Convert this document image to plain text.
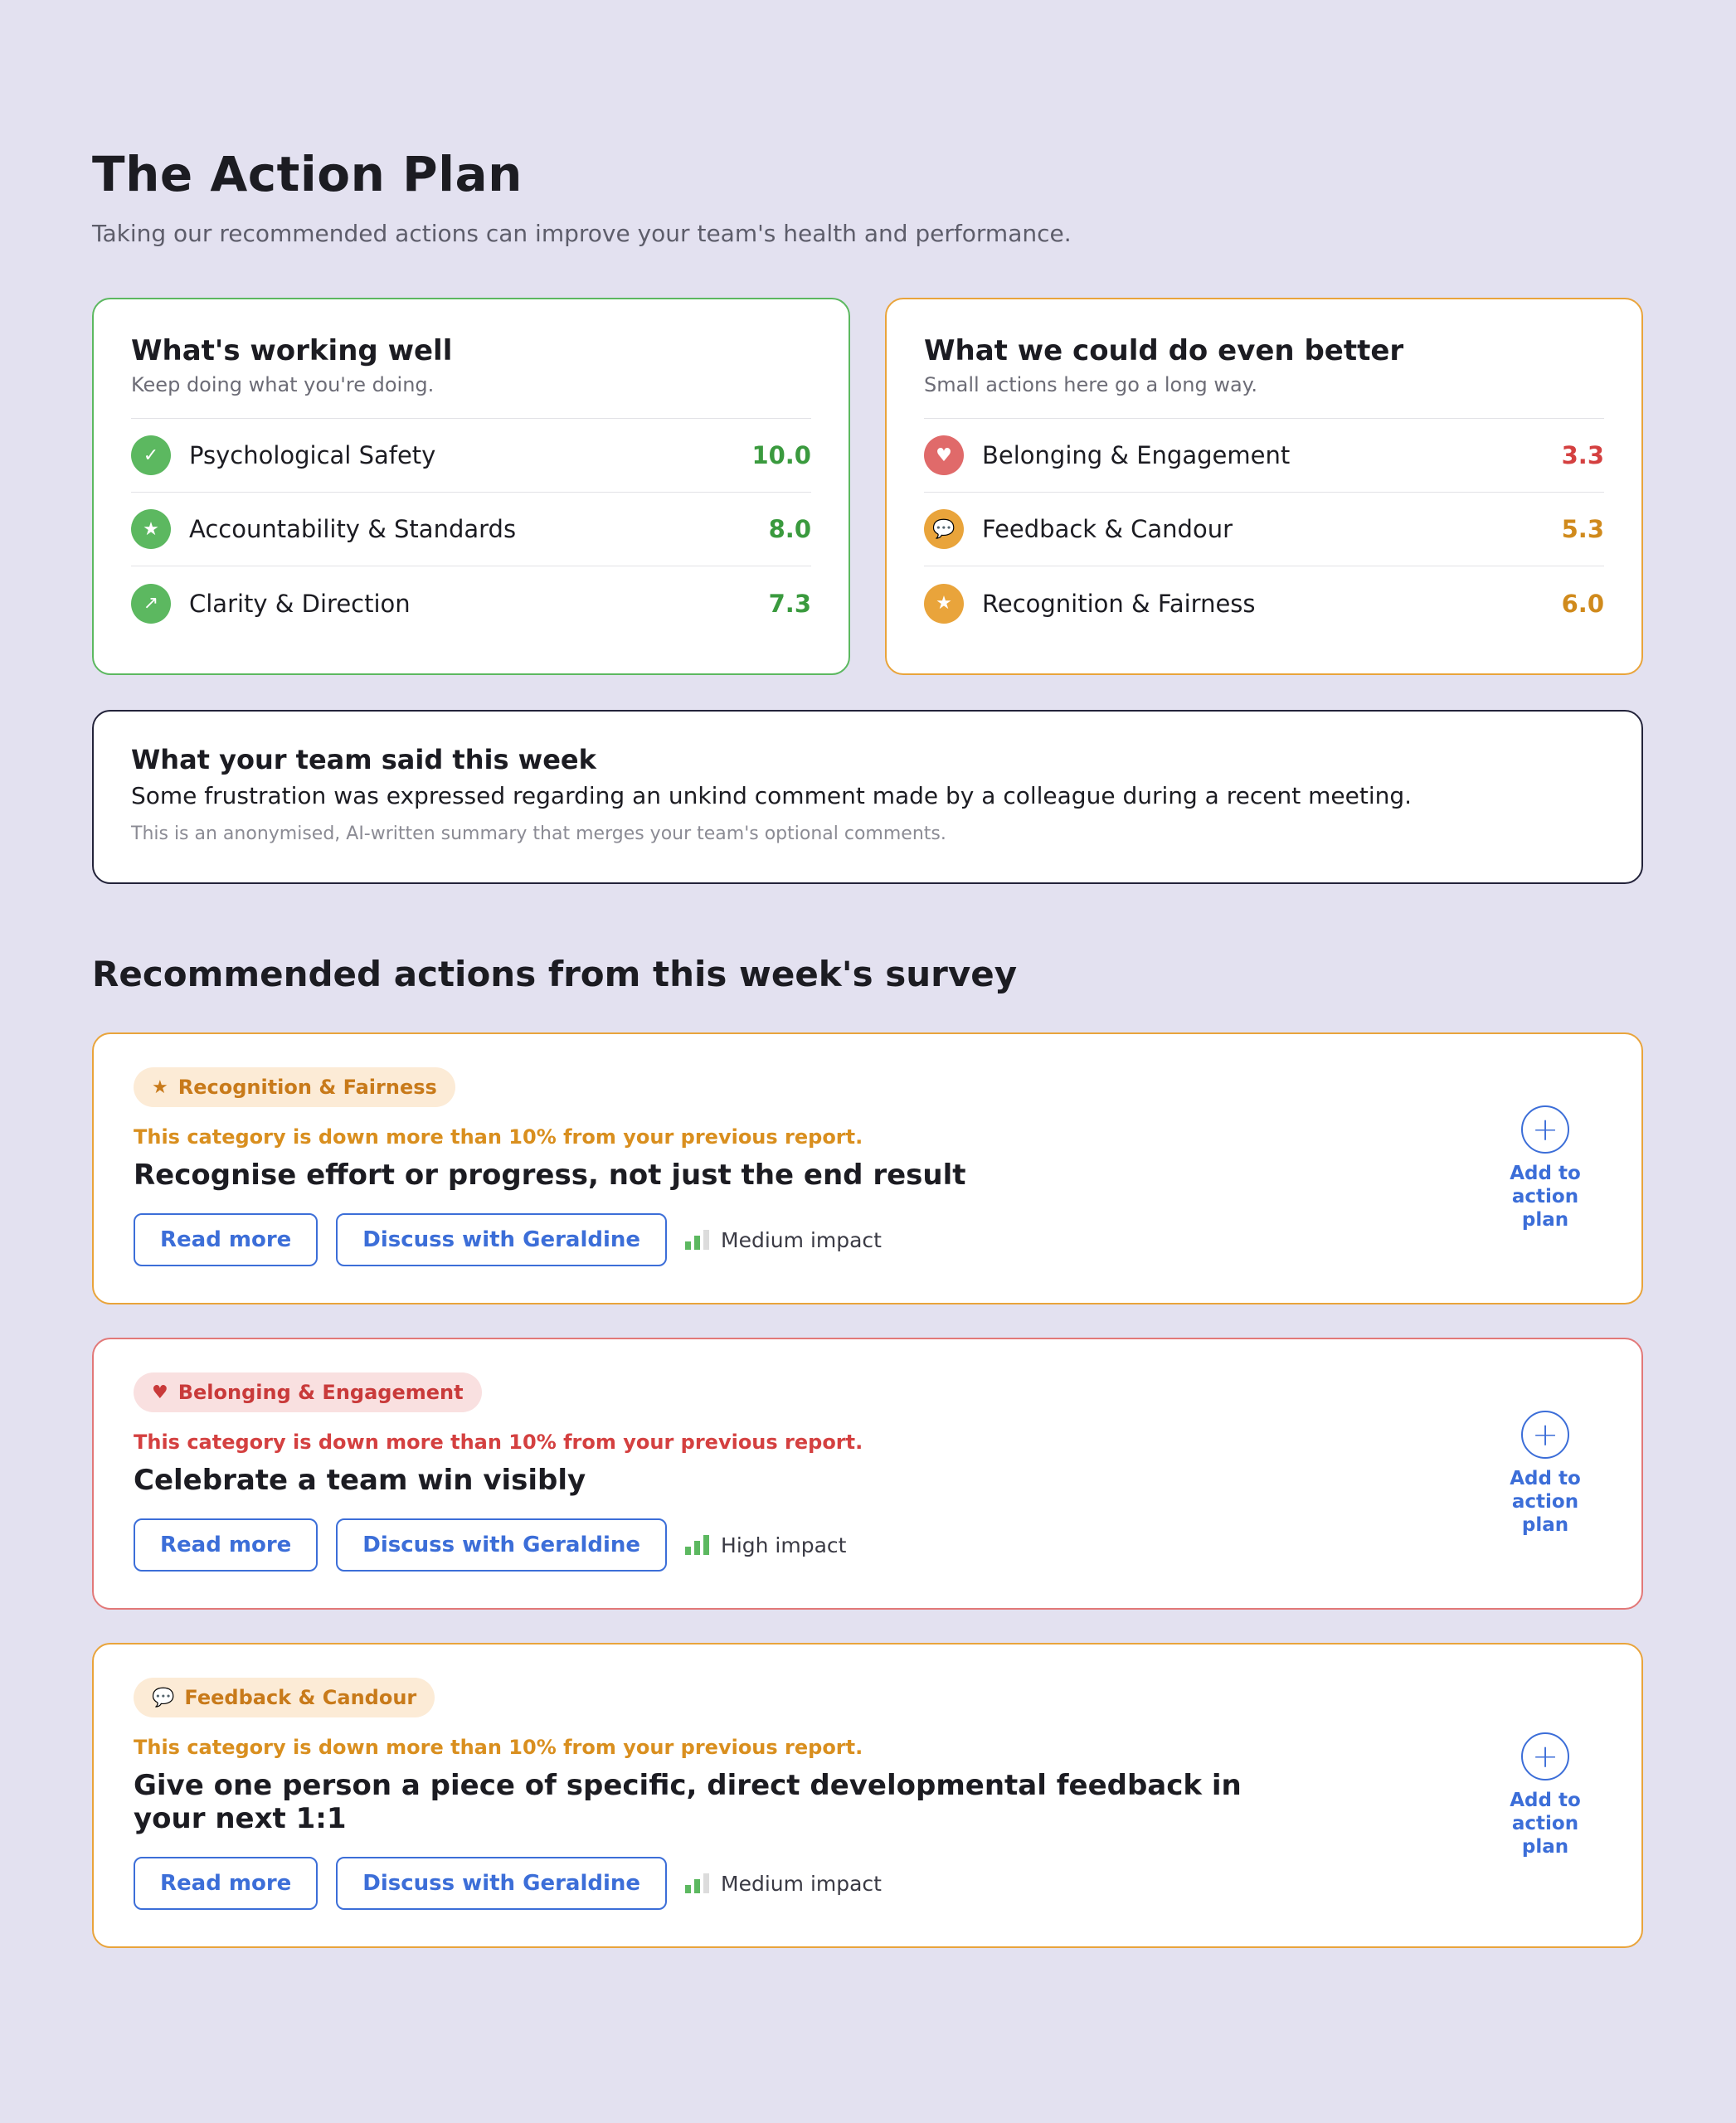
The Action Plan
Taking our recommended actions can improve your team's health and performance.
What's working well
Keep doing what you're doing.
✓	Psychological Safety	10.0
★	Accountability & Standards	8.0
↗	Clarity & Direction	7.3
What we could do even better
Small actions here go a long way.
♥	Belonging & Engagement	3.3
💬	Feedback & Candour	5.3
★	Recognition & Fairness	6.0
What your team said this week
Some frustration was expressed regarding an unkind comment made by a colleague during a recent meeting.
This is an anonymised, AI-written summary that merges your team's optional comments.
Recommended actions from this week's survey
★ Recognition & Fairness
This category is down more than 10% from your previous report.
Recognise effort or progress, not just the end result
Read more	Discuss with Geraldine	Medium impact
+
Add to
action plan
♥ Belonging & Engagement
This category is down more than 10% from your previous report.
Celebrate a team win visibly
Read more	Discuss with Geraldine	High impact
+
Add to
action plan
💬 Feedback & Candour
This category is down more than 10% from your previous report.
Give one person a piece of specific, direct developmental feedback in your next 1:1
Read more	Discuss with Geraldine	Medium impact
+
Add to
action plan
